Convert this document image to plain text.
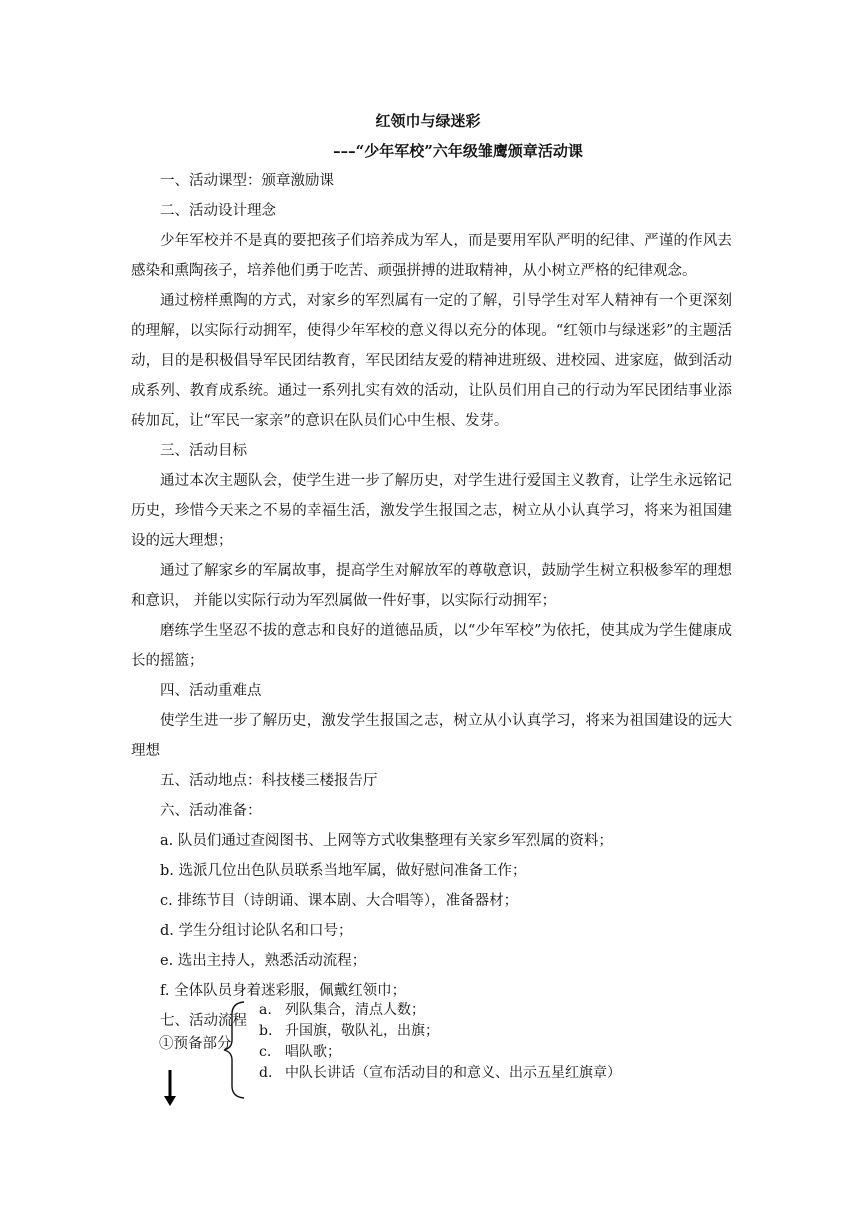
红领巾与绿迷彩
–––“少年军校”六年级雏鹰颁章活动课
一、活动课型：颁章激励课
二、活动设计理念
少年军校并不是真的要把孩子们培养成为军人，而是要用军队严明的纪律、严谨的作风去感染和熏陶孩子，培养他们勇于吃苦、顽强拼搏的进取精神，从小树立严格的纪律观念。
通过榜样熏陶的方式，对家乡的军烈属有一定的了解，引导学生对军人精神有一个更深刻的理解，以实际行动拥军，使得少年军校的意义得以充分的体现。“红领巾与绿迷彩”的主题活动，目的是积极倡导军民团结教育，军民团结友爱的精神进班级、进校园、进家庭，做到活动成系列、教育成系统。通过一系列扎实有效的活动，让队员们用自己的行动为军民团结事业添砖加瓦，让“军民一家亲”的意识在队员们心中生根、发芽。
三、活动目标
通过本次主题队会，使学生进一步了解历史，对学生进行爱国主义教育，让学生永远铭记历史，珍惜今天来之不易的幸福生活，激发学生报国之志，树立从小认真学习，将来为祖国建设的远大理想；
通过了解家乡的军属故事，提高学生对解放军的尊敬意识，鼓励学生树立积极参军的理想和意识， 并能以实际行动为军烈属做一件好事，以实际行动拥军；
磨练学生坚忍不拔的意志和良好的道德品质，以“少年军校”为依托，使其成为学生健康成长的摇篮；
四、活动重难点
使学生进一步了解历史，激发学生报国之志，树立从小认真学习，将来为祖国建设的远大理想
五、活动地点：科技楼三楼报告厅
六、活动准备：
a. 队员们通过查阅图书、上网等方式收集整理有关家乡军烈属的资料；
b. 选派几位出色队员联系当地军属，做好慰问准备工作；
c. 排练节目（诗朗诵、课本剧、大合唱等），准备器材；
d. 学生分组讨论队名和口号；
e. 选出主持人，熟悉活动流程；
f. 全体队员身着迷彩服，佩戴红领巾；
七、活动流程
①预备部分
a. 列队集合，清点人数；
b. 升国旗，敬队礼，出旗；
c. 唱队歌；
d. 中队长讲话（宣布活动目的和意义、出示五星红旗章）
